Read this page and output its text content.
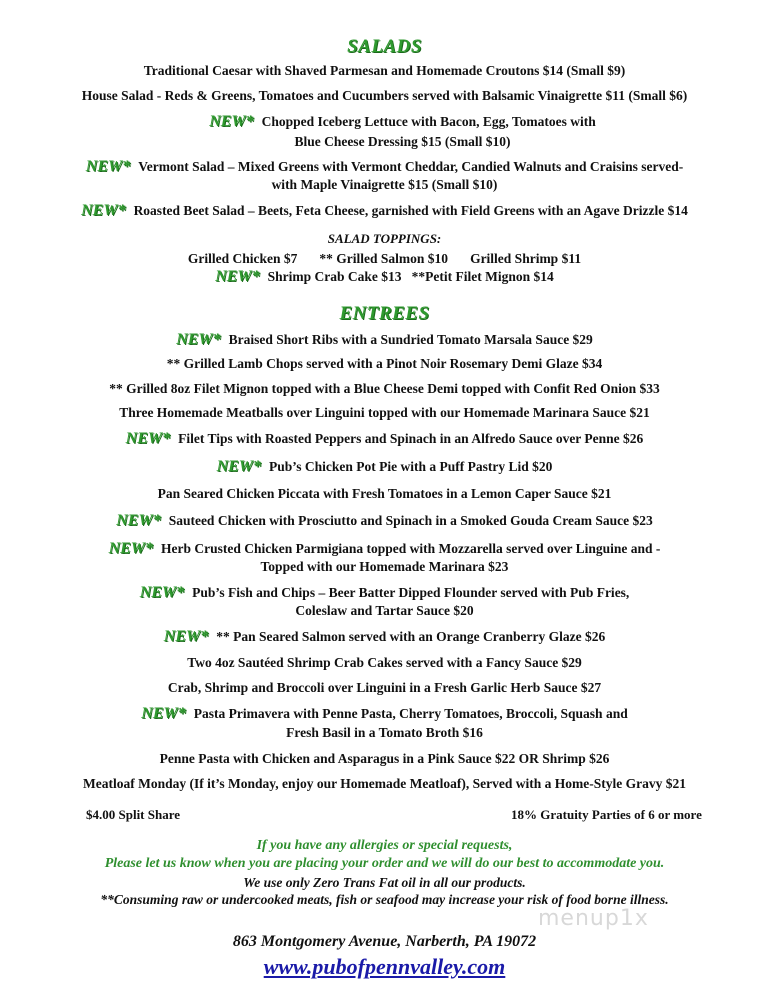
SALADS
Traditional Caesar with Shaved Parmesan and Homemade Croutons $14 (Small $9)
House Salad - Reds & Greens, Tomatoes and Cucumbers served with Balsamic Vinaigrette $11 (Small $6)
NEW* Chopped Iceberg Lettuce with Bacon, Egg, Tomatoes with
Blue Cheese Dressing $15 (Small $10)
NEW* Vermont Salad – Mixed Greens with Vermont Cheddar, Candied Walnuts and Craisins served-
with Maple Vinaigrette $15 (Small $10)
NEW* Roasted Beet Salad – Beets, Feta Cheese, garnished with Field Greens with an Agave Drizzle $14
SALAD TOPPINGS:
Grilled Chicken $7 ** Grilled Salmon $10 Grilled Shrimp $11
NEW* Shrimp Crab Cake $13   **Petit Filet Mignon $14
ENTREES
NEW* Braised Short Ribs with a Sundried Tomato Marsala Sauce $29
** Grilled Lamb Chops served with a Pinot Noir Rosemary Demi Glaze $34
** Grilled 8oz Filet Mignon topped with a Blue Cheese Demi topped with Confit Red Onion $33
Three Homemade Meatballs over Linguini topped with our Homemade Marinara Sauce $21
NEW* Filet Tips with Roasted Peppers and Spinach in an Alfredo Sauce over Penne $26
NEW* Pub’s Chicken Pot Pie with a Puff Pastry Lid $20
Pan Seared Chicken Piccata with Fresh Tomatoes in a Lemon Caper Sauce $21
NEW* Sauteed Chicken with Prosciutto and Spinach in a Smoked Gouda Cream Sauce $23
NEW* Herb Crusted Chicken Parmigiana topped with Mozzarella served over Linguine and -
Topped with our Homemade Marinara $23
NEW* Pub’s Fish and Chips – Beer Batter Dipped Flounder served with Pub Fries,
Coleslaw and Tartar Sauce $20
NEW* ** Pan Seared Salmon served with an Orange Cranberry Glaze $26
Two 4oz Sautéed Shrimp Crab Cakes served with a Fancy Sauce $29
Crab, Shrimp and Broccoli over Linguini in a Fresh Garlic Herb Sauce $27
NEW* Pasta Primavera with Penne Pasta, Cherry Tomatoes, Broccoli, Squash and
Fresh Basil in a Tomato Broth $16
Penne Pasta with Chicken and Asparagus in a Pink Sauce $22 OR Shrimp $26
Meatloaf Monday (If it’s Monday, enjoy our Homemade Meatloaf), Served with a Home-Style Gravy $21
$4.00 Split Share	18% Gratuity Parties of 6 or more
If you have any allergies or special requests,
Please let us know when you are placing your order and we will do our best to accommodate you.
We use only Zero Trans Fat oil in all our products.
**Consuming raw or undercooked meats, fish or seafood may increase your risk of food borne illness.
menup1x
863 Montgomery Avenue, Narberth, PA 19072
www.pubofpennvalley.com
